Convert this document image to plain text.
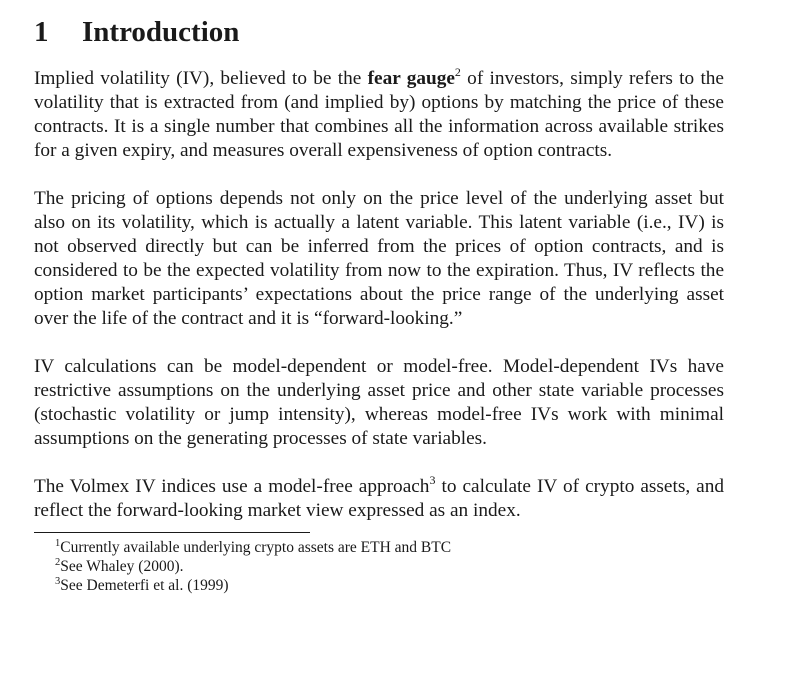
1 Introduction

Implied volatility (IV), believed to be the fear gauge$^2$ of investors, simply refers to the volatility that is extracted from (and implied by) options by matching the price of these contracts. It is a single number that combines all the information across available strikes for a given expiry, and measures overall expensiveness of option contracts.

The pricing of options depends not only on the price level of the underlying asset but also on its volatility, which is actually a latent variable. This latent variable (i.e., IV) is not observed directly but can be inferred from the prices of option contracts, and is considered to be the expected volatility from now to the expiration. Thus, IV reflects the option market participants’ expectations about the price range of the underlying asset over the life of the contract and it is “forward-looking.”

IV calculations can be model-dependent or model-free. Model-dependent IVs have restrictive assumptions on the underlying asset price and other state variable processes (stochastic volatility or jump intensity), whereas model-free IVs work with minimal assumptions on the generating processes of state variables.

The Volmex IV indices use a model-free approach$^3$ to calculate IV of crypto assets, and reflect the forward-looking market view expressed as an index.

$^1$Currently available underlying crypto assets are ETH and BTC
$^2$See Whaley (2000).
$^3$See Demeterfi et al. (1999)
